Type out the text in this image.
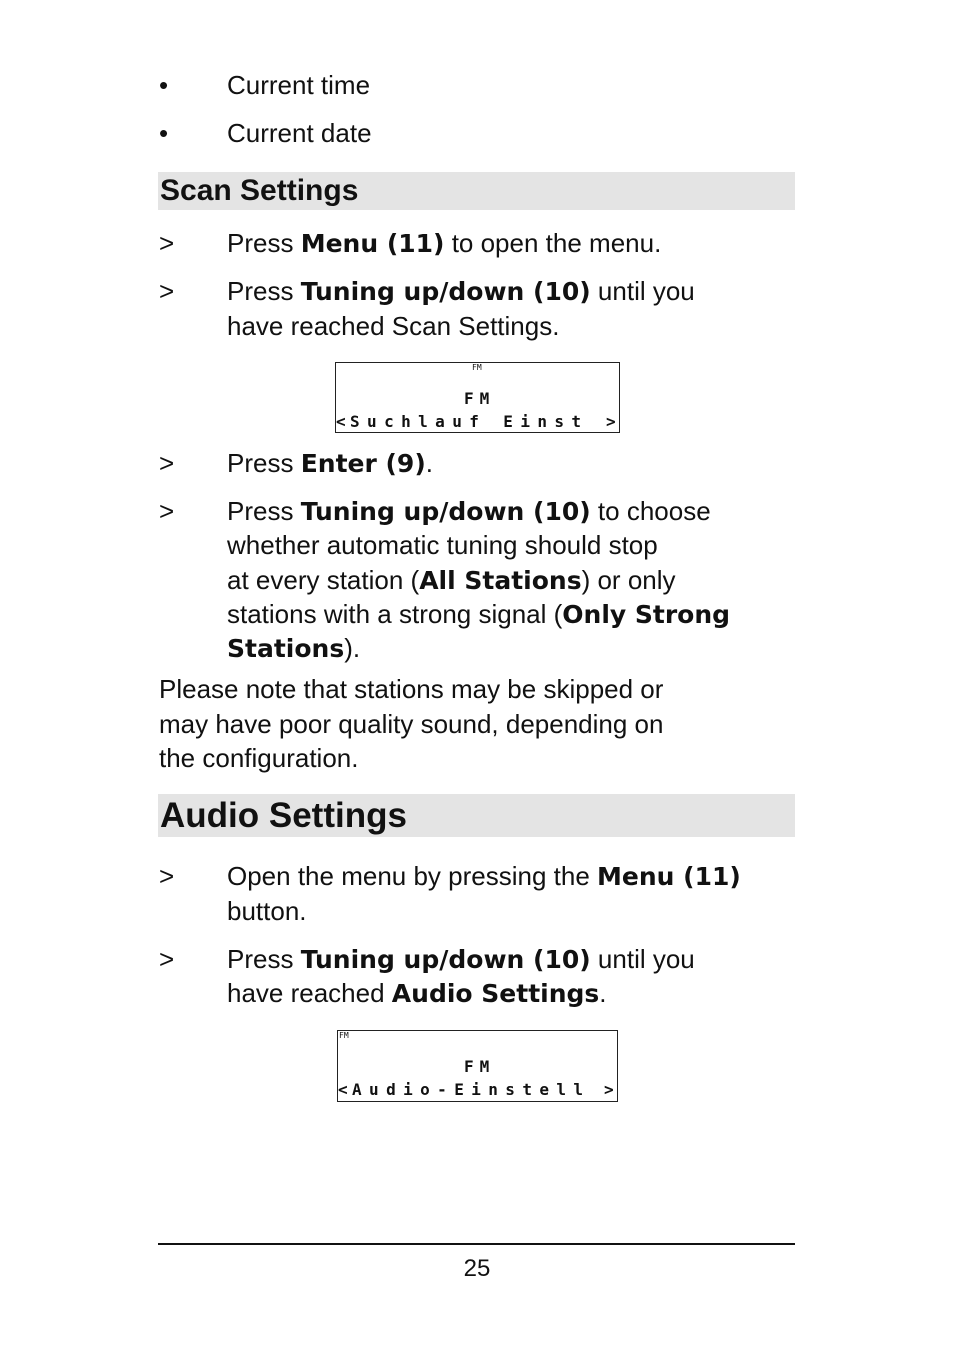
• Current time
• Current date
Scan Settings
> Press Menu (11) to open the menu.
> Press Tuning up/down (10) until you
have reached Scan Settings.
FM
FM
< Suchlauf Einst >
> Press Enter (9).
> Press Tuning up/down (10) to choose
whether automatic tuning should stop
at every station (All Stations) or only
stations with a strong signal (Only Strong
Stations).
Please note that stations may be skipped or
may have poor quality sound, depending on
the configuration.
Audio Settings
> Open the menu by pressing the Menu (11)
button.
> Press Tuning up/down (10) until you
have reached Audio Settings.
FM
FM
< Audio-Einstell >
25
